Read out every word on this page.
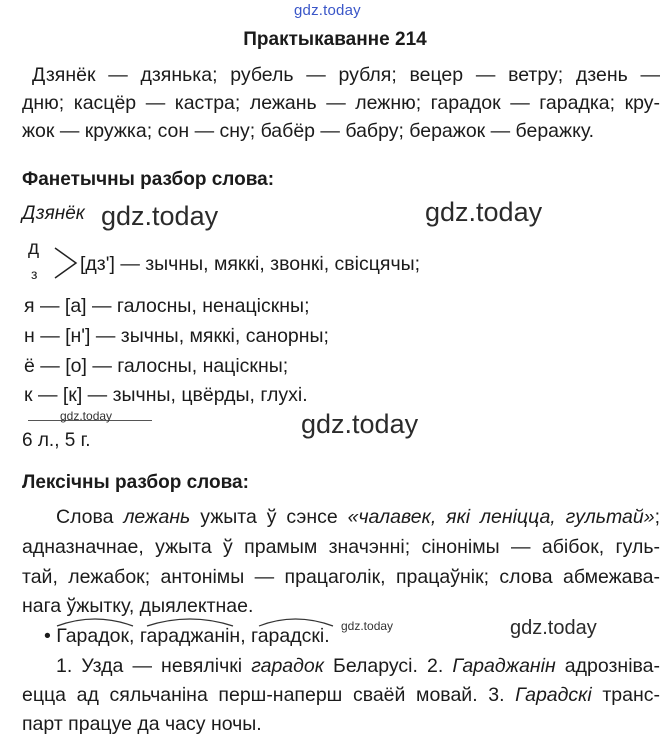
gdz.today
Практыкаванне 214
Дзянёк — дзянька; рубель — рубля; вецер — ветру; дзень —
дню; касцёр — кастра; лежань — лежню; гарадок — гарадка; кру-
жок — кружка; сон — сну; бабёр — бабру; беражок — беражку.
Фанетычны разбор слова:
Дзянёк gdz.today	gdz.today
д
з [дз'] — зычны, мяккі, звонкі, свісцячы;
я — [а] — галосны, ненацiскны;
н — [н'] — зычны, мяккі, санорны;
ё — [о] — галосны, нацiскны;
к — [к] — зычны, цвёрды, глухі.
gdz.today	gdz.today
6 л., 5 г.
Лексічны разбор слова:
Слова лежань ужыта ў сэнсе «чалавек, які леніцца, гультай»;
адназначнае, ужыта ў прамым значэнні; сінонімы — абібок, гуль-
тай, лежабок; антонімы — працаголік, працаўнік; слова абмежава-
нага ўжытку, дыялектнае.
• Гарадок, гараджанін, гарадскі. gdz.today	gdz.today
1. Узда — невялічкі гарадок Беларусі. 2. Гараджанін адрознiва-
ецца ад сяльчаніна перш-наперш сваёй мовай. 3. Гарадскі транс-
парт працуе да часу ночы.
